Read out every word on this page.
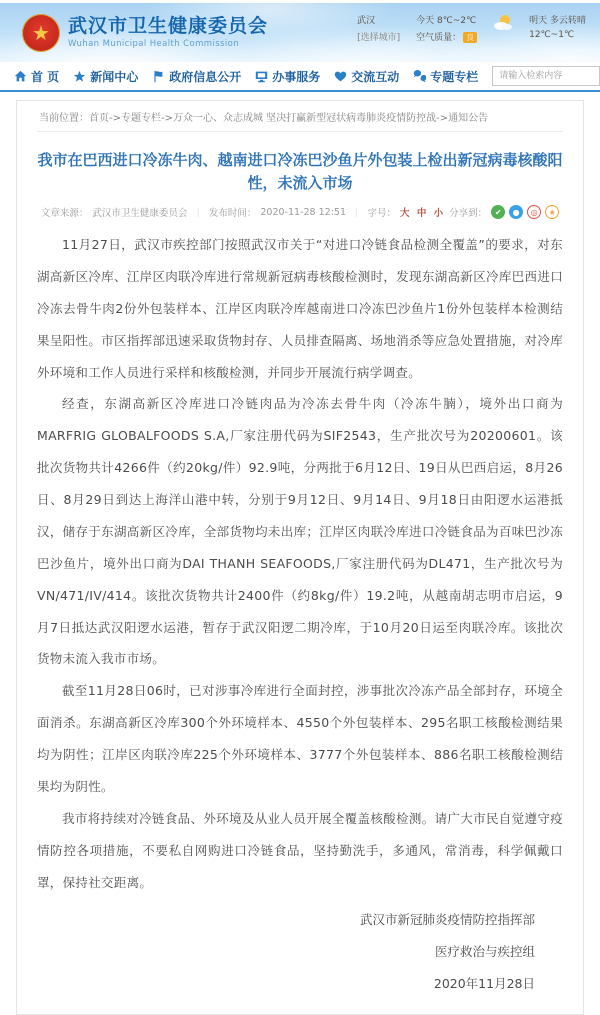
★ 武汉市卫生健康委员会
Wuhan Municipal Health Commission
武汉
[选择城市]
今天 8℃~2℃
空气质量： 良
明天 多云转晴
12℃~1℃
首 页	新闻中心	政府信息公开	办事服务	交流互动	专题专栏
请输入检索内容
当前位置：首页->专题专栏->万众一心、众志成城 坚决打赢新型冠状病毒肺炎疫情防控战->通知公告
我市在巴西进口冷冻牛肉、越南进口冷冻巴沙鱼片外包装上检出新冠病毒核酸阳性，未流入市场
文章来源： 武汉市卫生健康委员会 ｜ 发布时间： 2020-11-28 12:51 ｜ 字号： 大 中 小 分享到： ✔	●	◎	★

11月27日，武汉市疾控部门按照武汉市关于“对进口冷链食品检测全覆盖”的要求，对东湖高新区冷库、江岸区肉联冷库进行常规新冠病毒核酸检测时，发现东湖高新区冷库巴西进口冷冻去骨牛肉2份外包装样本、江岸区肉联冷库越南进口冷冻巴沙鱼片1份外包装样本检测结果呈阳性。市区指挥部迅速采取货物封存、人员排查隔离、场地消杀等应急处置措施，对冷库外环境和工作人员进行采样和核酸检测，并同步开展流行病学调查。

经查，东湖高新区冷库进口冷链肉品为冷冻去骨牛肉（冷冻牛腩），境外出口商为MARFRIG GLOBALFOODS S.A,厂家注册代码为SIF2543，生产批次号为20200601。该批次货物共计4266件（约20kg/件）92.9吨，分两批于6月12日、19日从巴西启运，8月26日、8月29日到达上海洋山港中转，分别于9月12日、9月14日、9月18日由阳逻水运港抵汉，储存于东湖高新区冷库，全部货物均未出库；江岸区肉联冷库进口冷链食品为百味巴沙冻巴沙鱼片，境外出口商为DAI THANH SEAFOODS,厂家注册代码为DL471，生产批次号为VN/471/IV/414。该批次货物共计2400件（约8kg/件）19.2吨，从越南胡志明市启运，9月7日抵达武汉阳逻水运港，暂存于武汉阳逻二期冷库，于10月20日运至肉联冷库。该批次货物未流入我市市场。

截至11月28日06时，已对涉事冷库进行全面封控，涉事批次冷冻产品全部封存，环境全面消杀。东湖高新区冷库300个外环境样本、4550个外包装样本、295名职工核酸检测结果均为阴性；江岸区肉联冷库225个外环境样本、3777个外包装样本、886名职工核酸检测结果均为阴性。

我市将持续对冷链食品、外环境及从业人员开展全覆盖核酸检测。请广大市民自觉遵守疫情防控各项措施，不要私自网购进口冷链食品，坚持勤洗手，多通风，常消毒，科学佩戴口罩，保持社交距离。

武汉市新冠肺炎疫情防控指挥部
医疗救治与疾控组
2020年11月28日
